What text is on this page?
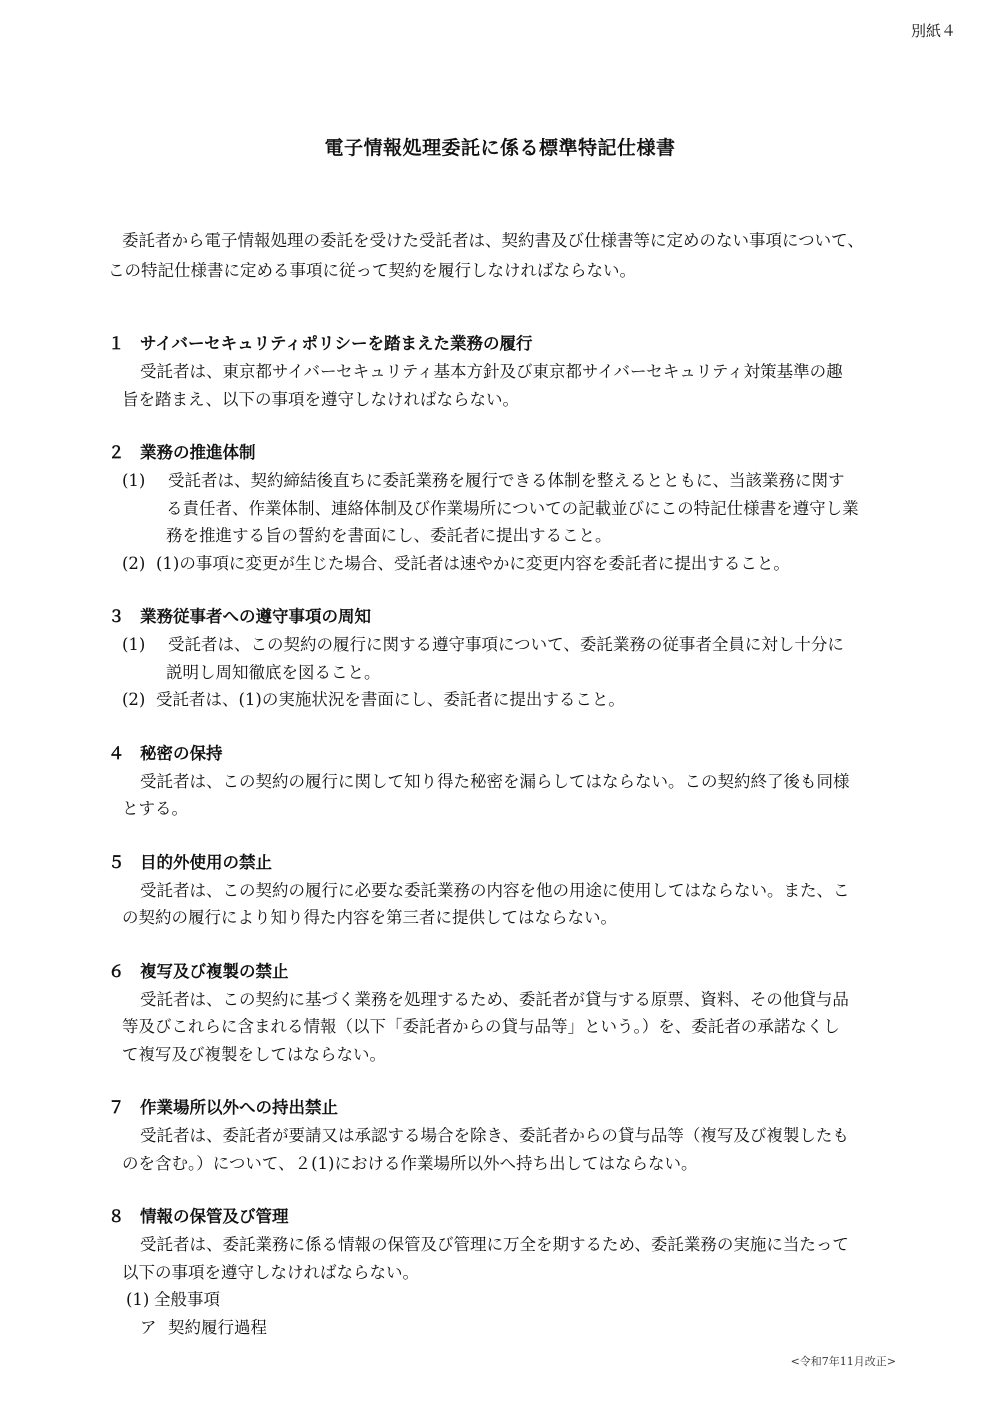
別紙４
電子情報処理委託に係る標準特記仕様書
委託者から電子情報処理の委託を受けた受託者は、契約書及び仕様書等に定めのない事項について、
この特記仕様書に定める事項に従って契約を履行しなければならない。
１ サイバーセキュリティポリシーを踏まえた業務の履行
受託者は、東京都サイバーセキュリティ基本方針及び東京都サイバーセキュリティ対策基準の趣
旨を踏まえ、以下の事項を遵守しなければならない。
２ 業務の推進体制
(1)	受託者は、契約締結後直ちに委託業務を履行できる体制を整えるとともに、当該業務に関す
る責任者、作業体制、連絡体制及び作業場所についての記載並びにこの特記仕様書を遵守し業
務を推進する旨の誓約を書面にし、委託者に提出すること。
(2) (1)の事項に変更が生じた場合、受託者は速やかに変更内容を委託者に提出すること。
３ 業務従事者への遵守事項の周知
(1)	受託者は、この契約の履行に関する遵守事項について、委託業務の従事者全員に対し十分に
説明し周知徹底を図ること。
(2) 受託者は、(1)の実施状況を書面にし、委託者に提出すること。
４ 秘密の保持
受託者は、この契約の履行に関して知り得た秘密を漏らしてはならない。この契約終了後も同様
とする。
５ 目的外使用の禁止
受託者は、この契約の履行に必要な委託業務の内容を他の用途に使用してはならない。また、こ
の契約の履行により知り得た内容を第三者に提供してはならない。
６ 複写及び複製の禁止
受託者は、この契約に基づく業務を処理するため、委託者が貸与する原票、資料、その他貸与品
等及びこれらに含まれる情報（以下「委託者からの貸与品等」という。）を、委託者の承諾なくし
て複写及び複製をしてはならない。
７ 作業場所以外への持出禁止
受託者は、委託者が要請又は承認する場合を除き、委託者からの貸与品等（複写及び複製したも
のを含む。）について、２(1)における作業場所以外へ持ち出してはならない。
８ 情報の保管及び管理
受託者は、委託業務に係る情報の保管及び管理に万全を期するため、委託業務の実施に当たって
以下の事項を遵守しなければならない。
(1) 全般事項
ア 契約履行過程
<令和7年11月改正>
